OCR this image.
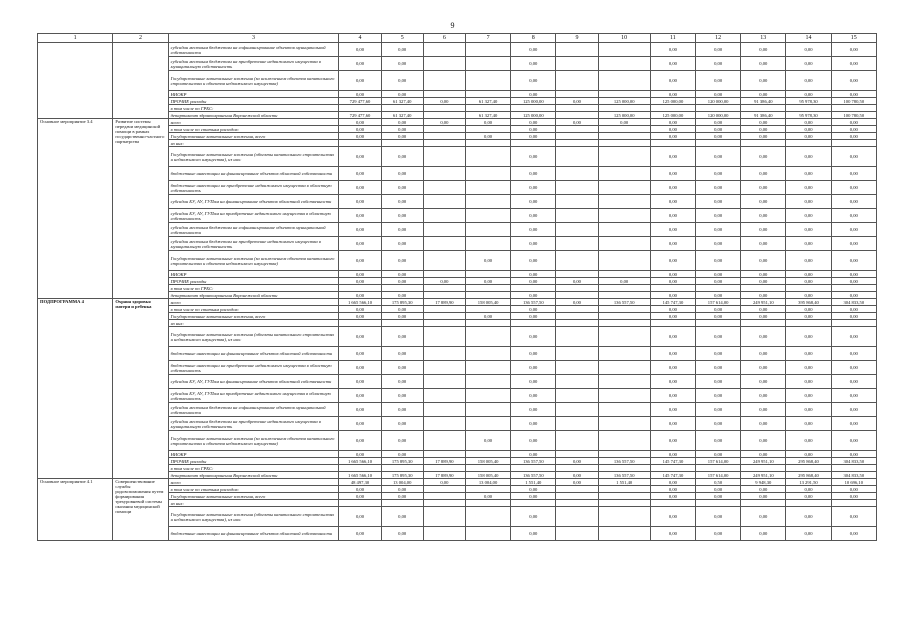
9
1	2	3	4	5	6	7	8	9	10	11	12	13	14	15
		субсидии местным бюджетам на софинансирование объектов муниципальной собственности	0,00	0,00			0,00			0,00	0,00	0,00	0,00	0,00
		субсидии местным бюджетам на приобретение недвижимого имущества в муниципальную собственность	0,00	0,00			0,00			0,00	0,00	0,00	0,00	0,00
		Государственные капитальные вложения (за исключением объектов капитального строительства и объектов недвижимого имущества)	0,00	0,00			0,00			0,00	0,00	0,00	0,00	0,00
		НИОКР	0,00	0,00			0,00			0,00	0,00	0,00	0,00	0,00
		ПРОЧИЕ расходы	729 477,60	61 327,40	0,00	61 327,40	125 000,00	0,00	125 000,00	125 000,00	120 000,00	91 386,40	95 978,30	100 780,50
		в том числе по ГРБС:												
		департамент здравоохранения Воронежской области	729 477,60	61 327,40		61 327,40	125 000,00		125 000,00	125 000,00	120 000,00	91 386,40	95 978,30	100 780,50
Основное мероприятие 3.4	Развитие системы передачи медицинской помощи в рамках государственно-частного партнерства	всего	0,00	0,00	0,00	0,00	0,00	0,00	0,00	0,00	0,00	0,00	0,00	0,00
		в том числе по статьям расходов:	0,00	0,00			0,00			0,00	0,00	0,00	0,00	0,00
		Государственные капитальные вложения, всего	0,00	0,00		0,00	0,00			0,00	0,00	0,00	0,00	0,00
		из них:												
		Государственные капитальные вложения (объекты капитального строительства и недвижимого имущества), из них:	0,00	0,00			0,00			0,00	0,00	0,00	0,00	0,00
		бюджетные инвестиции на финансирование объектов областной собственности	0,00	0,00			0,00			0,00	0,00	0,00	0,00	0,00
		бюджетные инвестиции на приобретение недвижимого имущества в областную собственность	0,00	0,00			0,00			0,00	0,00	0,00	0,00	0,00
		субсидии БУ, АУ, ГУПам на финансирование объектов областной собственности	0,00	0,00			0,00			0,00	0,00	0,00	0,00	0,00
		субсидии БУ, АУ, ГУПам на приобретение недвижимого имущества в областную собственность	0,00	0,00			0,00			0,00	0,00	0,00	0,00	0,00
		субсидии местным бюджетам на софинансирование объектов муниципальной собственности	0,00	0,00			0,00			0,00	0,00	0,00	0,00	0,00
		субсидии местным бюджетам на приобретение недвижимого имущества в муниципальную собственность	0,00	0,00			0,00			0,00	0,00	0,00	0,00	0,00
		Государственные капитальные вложения (за исключением объектов капитального строительства и объектов недвижимого имущества)	0,00	0,00		0,00	0,00			0,00	0,00	0,00	0,00	0,00
		НИОКР	0,00	0,00			0,00			0,00	0,00	0,00	0,00	0,00
		ПРОЧИЕ расходы	0,00	0,00	0,00	0,00	0,00	0,00	0,00	0,00	0,00	0,00	0,00	0,00
		в том числе по ГРБС:												
		департамент здравоохранения Воронежской области	0,00	0,00			0,00			0,00	0,00	0,00	0,00	0,00
ПОДПРОГРАММА 4	Охрана здоровья матери и ребенка	всего	1 665 566,10	175 895,30	17 889,90	158 005,40	136 557,50	0,00	136 557,50	145 747,30	157 614,00	249 951,10	395 868,40	304 833,50
		в том числе по статьям расходов:	0,00	0,00			0,00			0,00	0,00	0,00	0,00	0,00
		Государственные капитальные вложения, всего	0,00	0,00		0,00	0,00			0,00	0,00	0,00	0,00	0,00
		из них:												
		Государственные капитальные вложения (объекты капитального строительства и недвижимого имущества), из них:	0,00	0,00			0,00			0,00	0,00	0,00	0,00	0,00
		бюджетные инвестиции на финансирование объектов областной собственности	0,00	0,00			0,00			0,00	0,00	0,00	0,00	0,00
		бюджетные инвестиции на приобретение недвижимого имущества в областную собственность	0,00	0,00			0,00			0,00	0,00	0,00	0,00	0,00
		субсидии БУ, АУ, ГУПам на финансирование объектов областной собственности	0,00	0,00			0,00			0,00	0,00	0,00	0,00	0,00
		субсидии БУ, АУ, ГУПам на приобретение недвижимого имущества в областную собственность	0,00	0,00			0,00			0,00	0,00	0,00	0,00	0,00
		субсидии местным бюджетам на софинансирование объектов муниципальной собственности	0,00	0,00			0,00			0,00	0,00	0,00	0,00	0,00
		субсидии местным бюджетам на приобретение недвижимого имущества в муниципальную собственность	0,00	0,00			0,00			0,00	0,00	0,00	0,00	0,00
		Государственные капитальные вложения (за исключением объектов капитального строительства и объектов недвижимого имущества)	0,00	0,00		0,00	0,00			0,00	0,00	0,00	0,00	0,00
		НИОКР	0,00	0,00			0,00			0,00	0,00	0,00	0,00	0,00
		ПРОЧИЕ расходы	1 665 566,10	175 895,30	17 889,90	158 005,40	136 557,50	0,00	136 557,50	145 747,30	157 614,00	249 951,10	295 868,40	304 833,50
		в том числе по ГРБС:												
		департамент здравоохранения Воронежской области	1 665 566,10	175 895,30	17 889,90	158 005,40	136 557,50	0,00	136 557,50	145 747,30	157 614,00	249 951,10	295 868,40	304 833,50
Основное мероприятие 4.1	Совершенствование службы родовспоможения путем формирования трехуровневой системы оказания медицинской помощи	всего	48 497,30	13 004,00	0,00	13 004,00	1 551,40	0,00	1 551,40	0,00	0,50	9 948,30	13 291,50	10 696,10
		в том числе по статьям расходов:	0,00	0,00			0,00			0,00	0,00	0,00	0,00	0,00
		Государственные капитальные вложения, всего	0,00	0,00		0,00	0,00			0,00	0,00	0,00	0,00	0,00
		из них:												
		Государственные капитальные вложения (объекты капитального строительства и недвижимого имущества), из них:	0,00	0,00			0,00			0,00	0,00	0,00	0,00	0,00
		бюджетные инвестиции на финансирование объектов областной собственности	0,00	0,00			0,00			0,00	0,00	0,00	0,00	0,00
